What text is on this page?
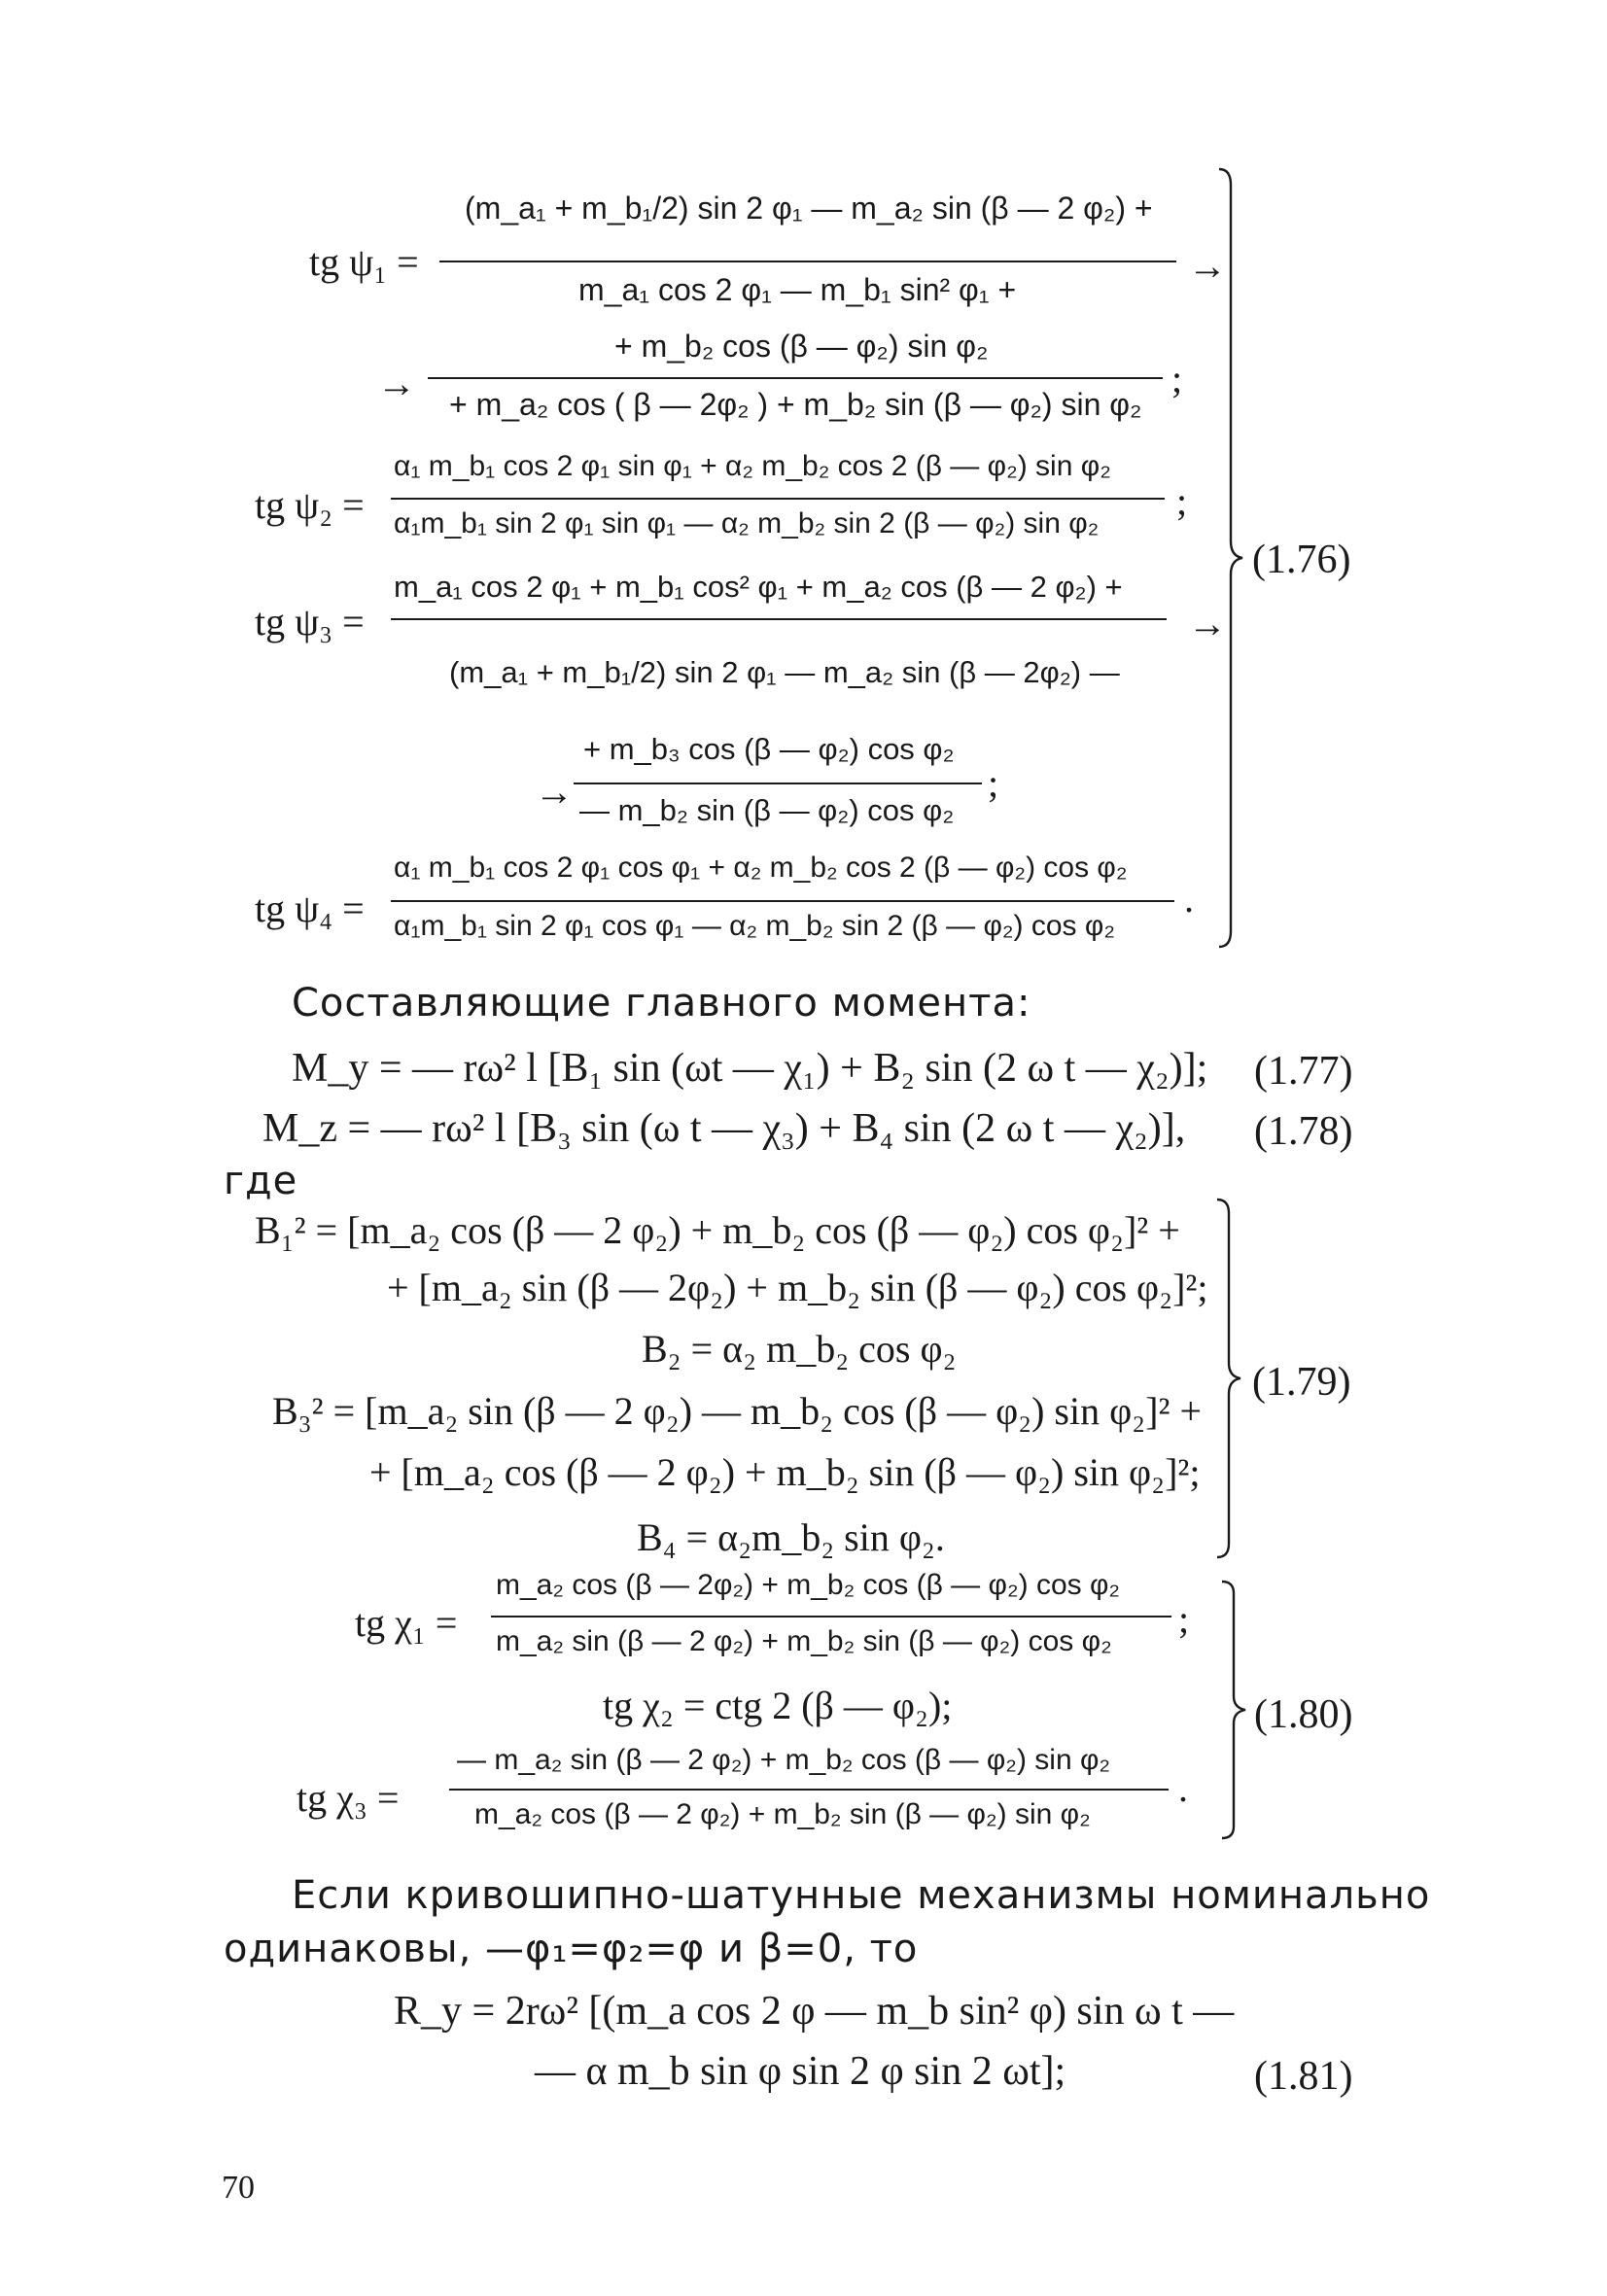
tg ψ₁ =
(m_a₁ + m_b₁/2) sin 2 φ₁ — m_a₂ sin (β — 2 φ₂) +
→
m_a₁ cos 2 φ₁ — m_b₁ sin² φ₁ +
→
+ m_b₂ cos (β — φ₂) sin φ₂
;
+ m_a₂ cos ( β — 2φ₂ ) + m_b₂ sin (β — φ₂) sin φ₂
tg ψ₂ =
α₁ m_b₁ cos 2 φ₁ sin φ₁ + α₂ m_b₂ cos 2 (β — φ₂) sin φ₂
;
α₁m_b₁ sin 2 φ₁ sin φ₁ — α₂ m_b₂ sin 2 (β — φ₂) sin φ₂
tg ψ₃ =
m_a₁ cos 2 φ₁ + m_b₁ cos² φ₁ + m_a₂ cos (β — 2 φ₂) +
→
(m_a₁ + m_b₁/2) sin 2 φ₁ — m_a₂ sin (β — 2φ₂) —
→
+ m_b₃ cos (β — φ₂) cos φ₂
;
— m_b₂ sin (β — φ₂) cos φ₂
tg ψ₄ =
α₁ m_b₁ cos 2 φ₁ cos φ₁ + α₂ m_b₂ cos 2 (β — φ₂) cos φ₂
.
α₁m_b₁ sin 2 φ₁ cos φ₁ — α₂ m_b₂ sin 2 (β — φ₂) cos φ₂
(1.76)
Составляющие главного момента:
M_y = — rω² l [B₁ sin (ωt — χ₁) + B₂ sin (2 ω t — χ₂)]; (1.77)
M_z = — rω² l [B₃ sin (ω t — χ₃) + B₄ sin (2 ω t — χ₂)], (1.78)
где
B₁² = [m_a₂ cos (β — 2 φ₂) + m_b₂ cos (β — φ₂) cos φ₂]² +
+ [m_a₂ sin (β — 2φ₂) + m_b₂ sin (β — φ₂) cos φ₂]²;
B₂ = α₂ m_b₂ cos φ₂
B₃² = [m_a₂ sin (β — 2 φ₂) — m_b₂ cos (β — φ₂) sin φ₂]² +
+ [m_a₂ cos (β — 2 φ₂) + m_b₂ sin (β — φ₂) sin φ₂]²;
B₄ = α₂m_b₂ sin φ₂.
(1.79)
tg χ₁ =
m_a₂ cos (β — 2φ₂) + m_b₂ cos (β — φ₂) cos φ₂
;
m_a₂ sin (β — 2 φ₂) + m_b₂ sin (β — φ₂) cos φ₂
tg χ₂ = ctg 2 (β — φ₂);
tg χ₃ =
— m_a₂ sin (β — 2 φ₂) + m_b₂ cos (β — φ₂) sin φ₂
.
m_a₂ cos (β — 2 φ₂) + m_b₂ sin (β — φ₂) sin φ₂
(1.80)
Если кривошипно-шатунные механизмы номинально
одинаковы, —φ₁=φ₂=φ и β=0, то
R_y = 2rω² [(m_a cos 2 φ — m_b sin² φ) sin ω t —
— α m_b sin φ sin 2 φ sin 2 ωt];	(1.81)
70
